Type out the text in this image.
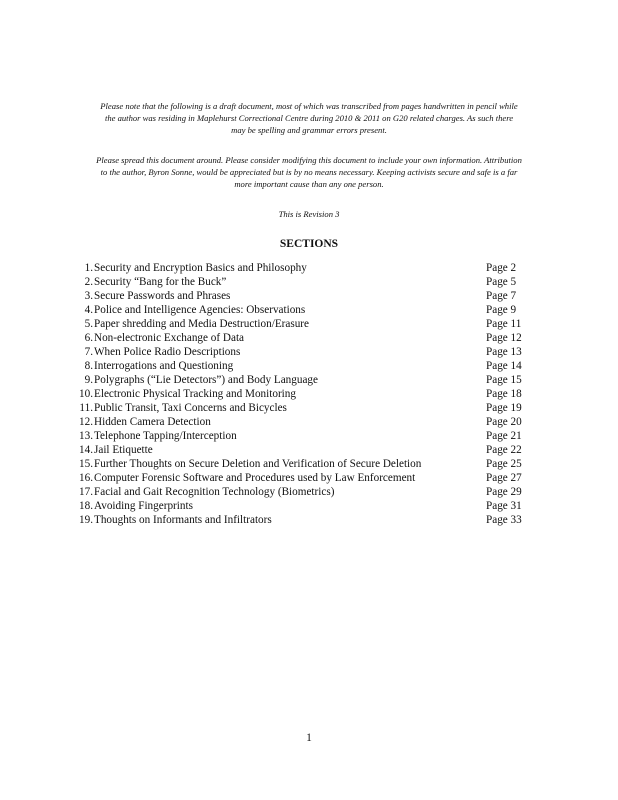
Please note that the following is a draft document, most of which was transcribed from pages handwritten in pencil while

the author was residing in Maplehurst Correctional Centre during 2010 & 2011 on G20 related charges. As such there

may be spelling and grammar errors present.

Please spread this document around. Please consider modifying this document to include your own information. Attribution

to the author, Byron Sonne, would be appreciated but is by no means necessary. Keeping activists secure and safe is a far

more important cause than any one person.

This is Revision 3
SECTIONS
1. Security and Encryption Basics and Philosophy	Page 2
2. Security “Bang for the Buck”	Page 5
3. Secure Passwords and Phrases	Page 7
4. Police and Intelligence Agencies: Observations	Page 9
5. Paper shredding and Media Destruction/Erasure	Page 11
6. Non-electronic Exchange of Data	Page 12
7. When Police Radio Descriptions	Page 13
8. Interrogations and Questioning	Page 14
9. Polygraphs (“Lie Detectors”) and Body Language	Page 15
10. Electronic Physical Tracking and Monitoring	Page 18
11. Public Transit, Taxi Concerns and Bicycles	Page 19
12. Hidden Camera Detection	Page 20
13. Telephone Tapping/Interception	Page 21
14. Jail Etiquette	Page 22
15. Further Thoughts on Secure Deletion and Verification of Secure Deletion	Page 25
16. Computer Forensic Software and Procedures used by Law Enforcement	Page 27
17. Facial and Gait Recognition Technology (Biometrics)	Page 29
18. Avoiding Fingerprints	Page 31
19. Thoughts on Informants and Infiltrators	Page 33
1
